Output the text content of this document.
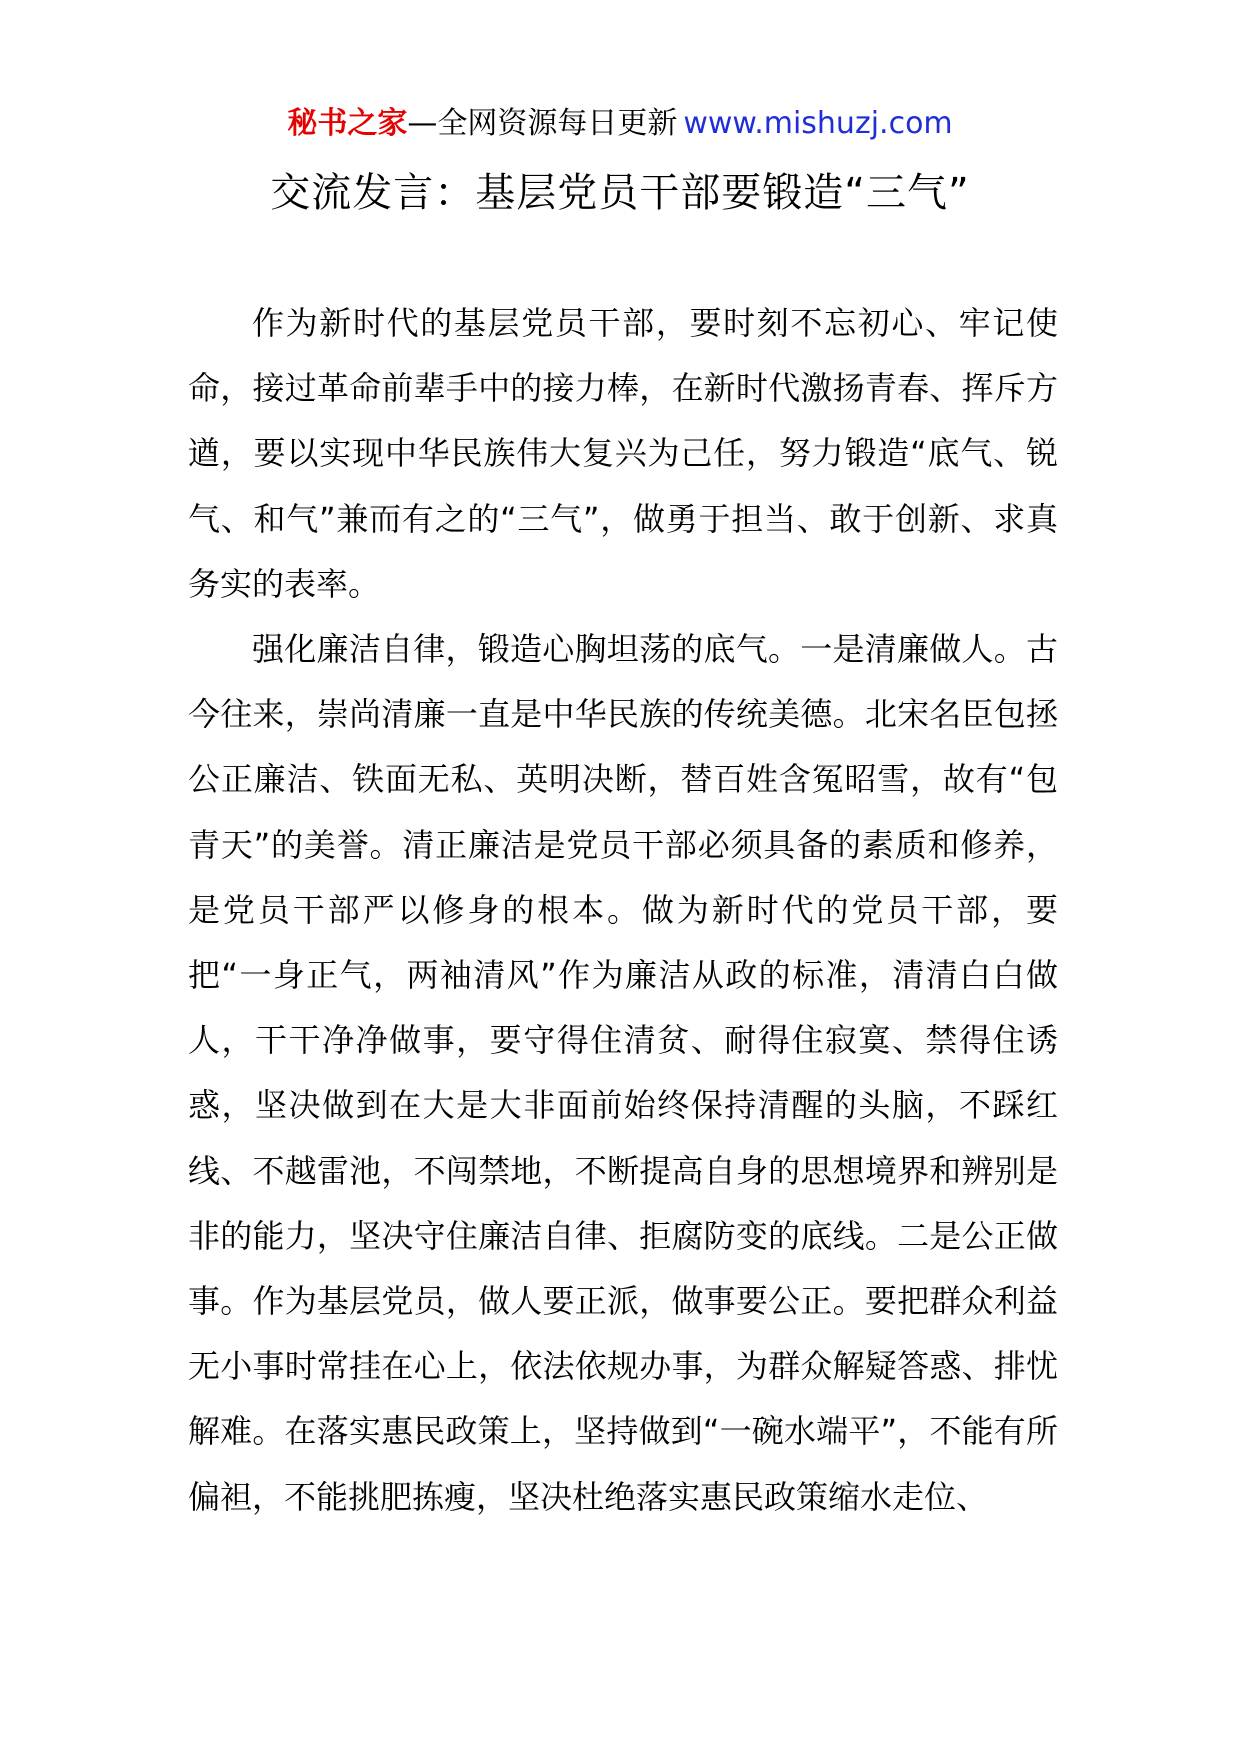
秘书之家—全网资源每日更新 www.mishuzj.com
交流发言：基层党员干部要锻造“三气”

作为新时代的基层党员干部，要时刻不忘初心、牢记使命，接过革命前辈手中的接力棒，在新时代激扬青春、挥斥方遒，要以实现中华民族伟大复兴为己任，努力锻造“底气、锐气、和气”兼而有之的“三气”，做勇于担当、敢于创新、求真务实的表率。

强化廉洁自律，锻造心胸坦荡的底气。一是清廉做人。古今往来，崇尚清廉一直是中华民族的传统美德。北宋名臣包拯公正廉洁、铁面无私、英明决断，替百姓含冤昭雪，故有“包青天”的美誉。清正廉洁是党员干部必须具备的素质和修养，是党员干部严以修身的根本。做为新时代的党员干部，要把“一身正气，两袖清风”作为廉洁从政的标准，清清白白做人，干干净净做事，要守得住清贫、耐得住寂寞、禁得住诱惑，坚决做到在大是大非面前始终保持清醒的头脑，不踩红线、不越雷池，不闯禁地，不断提高自身的思想境界和辨别是非的能力，坚决守住廉洁自律、拒腐防变的底线。二是公正做事。作为基层党员，做人要正派，做事要公正。要把群众利益无小事时常挂在心上，依法依规办事，为群众解疑答惑、排忧解难。在落实惠民政策上，坚持做到“一碗水端平”，不能有所偏袒，不能挑肥拣瘦，坚决杜绝落实惠民政策缩水走位、
